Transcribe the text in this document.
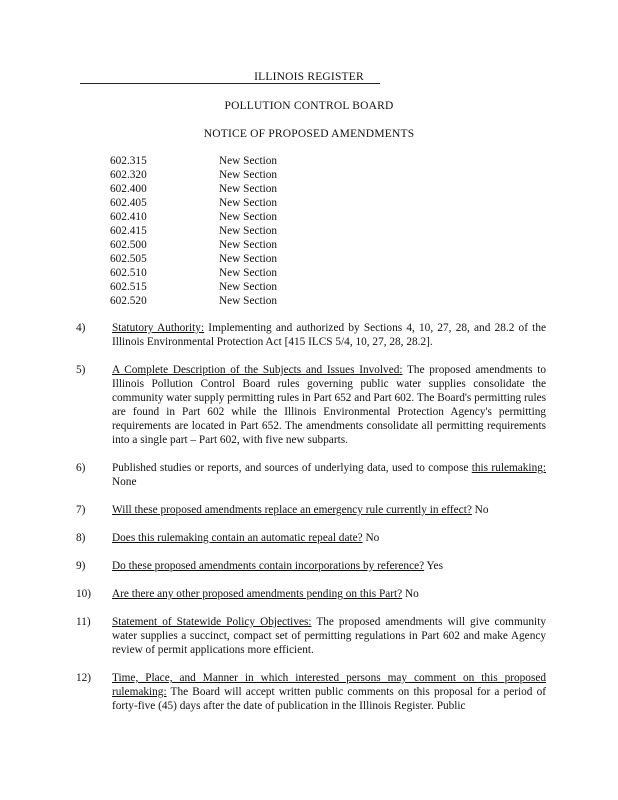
ILLINOIS REGISTER
POLLUTION CONTROL BOARD
NOTICE OF PROPOSED AMENDMENTS
602.315	New Section
602.320	New Section
602.400	New Section
602.405	New Section
602.410	New Section
602.415	New Section
602.500	New Section
602.505	New Section
602.510	New Section
602.515	New Section
602.520	New Section
4) Statutory Authority: Implementing and authorized by Sections 4, 10, 27, 28, and 28.2 of the Illinois Environmental Protection Act [415 ILCS 5/4, 10, 27, 28, 28.2].
5) A Complete Description of the Subjects and Issues Involved: The proposed amendments to Illinois Pollution Control Board rules governing public water supplies consolidate the community water supply permitting rules in Part 652 and Part 602. The Board's permitting rules are found in Part 602 while the Illinois Environmental Protection Agency's permitting requirements are located in Part 652. The amendments consolidate all permitting requirements into a single part – Part 602, with five new subparts.
6) Published studies or reports, and sources of underlying data, used to compose this rulemaking: None
7) Will these proposed amendments replace an emergency rule currently in effect? No
8) Does this rulemaking contain an automatic repeal date? No
9) Do these proposed amendments contain incorporations by reference? Yes
10) Are there any other proposed amendments pending on this Part? No
11) Statement of Statewide Policy Objectives: The proposed amendments will give community water supplies a succinct, compact set of permitting regulations in Part 602 and make Agency review of permit applications more efficient.
12) Time, Place, and Manner in which interested persons may comment on this proposed rulemaking: The Board will accept written public comments on this proposal for a period of forty-five (45) days after the date of publication in the Illinois Register. Public
